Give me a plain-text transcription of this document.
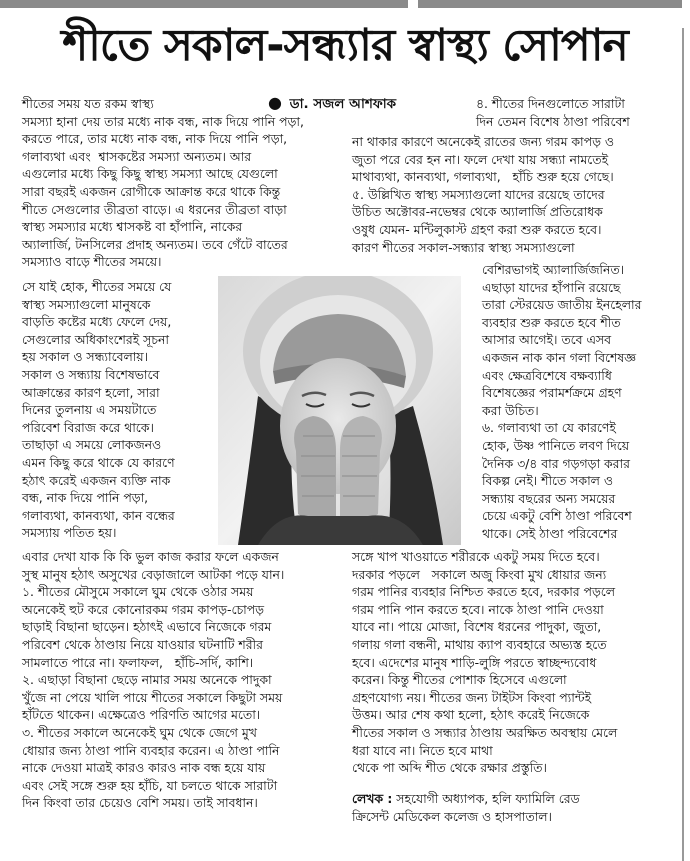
শীতে সকাল-সন্ধ্যার স্বাস্থ্য সোপান
● ডা. সজল আশফাক

শীতের সময় যত রকম স্বাস্থ্য
সমস্যা হানা দেয় তার মধ্যে নাক বন্ধ, নাক দিয়ে পানি পড়া,
করতে পারে, তার মধ্যে নাক বন্ধ, নাক দিয়ে পানি পড়া,
গলাব্যথা এবং  শ্বাসকষ্টের সমস্যা অন্যতম। আর
এগুলোর মধ্যে কিছু কিছু স্বাস্থ্য সমস্যা আছে যেগুলো
সারা বছরই একজন রোগীকে আক্রান্ত করে থাকে কিন্তু
শীতে সেগুলোর তীব্রতা বাড়ে। এ ধরনের তীব্রতা বাড়া
স্বাস্থ্য সমস্যার মধ্যে শ্বাসকষ্ট বা হাঁপানি, নাকের
অ্যালার্জি, টনসিলের প্রদাহ অন্যতম। তবে গেঁটে বাতের
সমস্যাও বাড়ে শীতের সময়ে।

সে যাই হোক, শীতের সময়ে যে
স্বাস্থ্য সমস্যাগুলো মানুষকে
বাড়তি কষ্টের মধ্যে ফেলে দেয়,
সেগুলোর অধিকাংশেরই সূচনা
হয় সকাল ও সন্ধ্যাবেলায়।
সকাল ও সন্ধ্যায় বিশেষভাবে
আক্রান্তের কারণ হলো, সারা
দিনের তুলনায় এ সময়টাতে
পরিবেশ বিরাজ করে থাকে।
তাছাড়া এ সময়ে লোকজনও
এমন কিছু করে থাকে যে কারণে
হঠাৎ করেই একজন ব্যক্তি নাক
বন্ধ, নাক দিয়ে পানি পড়া,
গলাব্যথা, কানব্যথা, কান বন্ধের
সমস্যায় পতিত হয়।

এবার দেখা যাক কি কি ভুল কাজ করার ফলে একজন
সুস্থ মানুষ হঠাৎ অসুখের বেড়াজালে আটকা পড়ে যান।
১. শীতের মৌসুমে সকালে ঘুম থেকে ওঠার সময়
অনেকেই হুট করে কোনোরকম গরম কাপড়-চোপড়
ছাড়াই বিছানা ছাড়েন। হঠাৎই এভাবে নিজেকে গরম
পরিবেশ থেকে ঠাণ্ডায় নিয়ে যাওয়ার ঘটনাটি শরীর
সামলাতে পারে না। ফলাফল,   হাঁচি-সর্দি, কাশি।
২. এছাড়া বিছানা ছেড়ে নামার সময় অনেকে পাদুকা
খুঁজে না পেয়ে খালি পায়ে শীতের সকালে কিছুটা সময়
হাঁটতে থাকেন। এক্ষেত্রেও পরিণতি আগের মতো।
৩. শীতের সকালে অনেকেই ঘুম থেকে জেগে মুখ
ধোয়ার জন্য ঠাণ্ডা পানি ব্যবহার করেন। এ ঠাণ্ডা পানি
নাকে দেওয়া মাত্রই কারও কারও নাক বন্ধ হয়ে যায়
এবং সেই সঙ্গে শুরু হয় হাঁচি, যা চলতে থাকে সারাটা
দিন কিংবা তার চেয়েও বেশি সময়। তাই সাবধান।

৪. শীতের দিনগুলোতে সারাটা
দিন তেমন বিশেষ ঠাণ্ডা পরিবেশ

না থাকার কারণে অনেকেই রাতের জন্য গরম কাপড় ও
জুতা পরে বের হন না। ফলে দেখা যায় সন্ধ্যা নামতেই
মাথাব্যথা, কানব্যথা, গলাব্যথা,   হাঁচি শুরু হয়ে গেছে।
৫. উল্লিখিত স্বাস্থ্য সমস্যাগুলো যাদের রয়েছে তাদের
উচিত অক্টোবর-নভেম্বর থেকে অ্যালার্জি প্রতিরোধক
ওষুধ যেমন- মন্টিলুকাস্ট গ্রহণ করা শুরু করতে হবে।
কারণ শীতের সকাল-সন্ধ্যার স্বাস্থ্য সমস্যাগুলো

বেশিরভাগই অ্যালার্জিজনিত।
এছাড়া যাদের হাঁপানি রয়েছে
তারা স্টেরয়েড জাতীয় ইনহেলার
ব্যবহার শুরু করতে হবে শীত
আসার আগেই। তবে এসব
একজন নাক কান গলা বিশেষজ্ঞ
এবং ক্ষেত্রবিশেষে বক্ষব্যাধি
বিশেষজ্ঞের পরামর্শক্রমে গ্রহণ
করা উচিত।
৬. গলাব্যথা তা যে কারণেই
হোক, উষ্ণ পানিতে লবণ দিয়ে
দৈনিক ৩/৪ বার গড়গড়া করার
বিকল্প নেই। শীতে সকাল ও
সন্ধ্যায় বছরের অন্য সময়ের
চেয়ে একটু বেশি ঠাণ্ডা পরিবেশ
থাকে। সেই ঠাণ্ডা পরিবেশের

সঙ্গে খাপ খাওয়াতে শরীরকে একটু সময় দিতে হবে।
দরকার পড়লে   সকালে অজু কিংবা মুখ ধোয়ার জন্য
গরম পানির ব্যবহার নিশ্চিত করতে হবে, দরকার পড়লে
গরম পানি পান করতে হবে। নাকে ঠাণ্ডা পানি দেওয়া
যাবে না। পায়ে মোজা, বিশেষ ধরনের পাদুকা, জুতা,
গলায় গলা বন্ধনী, মাথায় ক্যাপ ব্যবহারে অভ্যস্ত হতে
হবে। এদেশের মানুষ শাড়ি-লুঙ্গি পরতে স্বাচ্ছন্দ্যবোধ
করেন। কিন্তু শীতের পোশাক হিসেবে এগুলো
গ্রহণযোগ্য নয়। শীতের জন্য টাইটস কিংবা প্যান্টই
উত্তম। আর শেষ কথা হলো, হঠাৎ করেই নিজেকে
শীতের সকাল ও সন্ধ্যার ঠাণ্ডায় অরক্ষিত অবস্থায় মেলে
ধরা যাবে না। নিতে হবে মাথা
থেকে পা অব্দি শীত থেকে রক্ষার প্রস্তুতি।

লেখক : সহযোগী অধ্যাপক, হলি ফ্যামিলি রেড
ক্রিসেন্ট মেডিকেল কলেজ ও হাসপাতাল।
